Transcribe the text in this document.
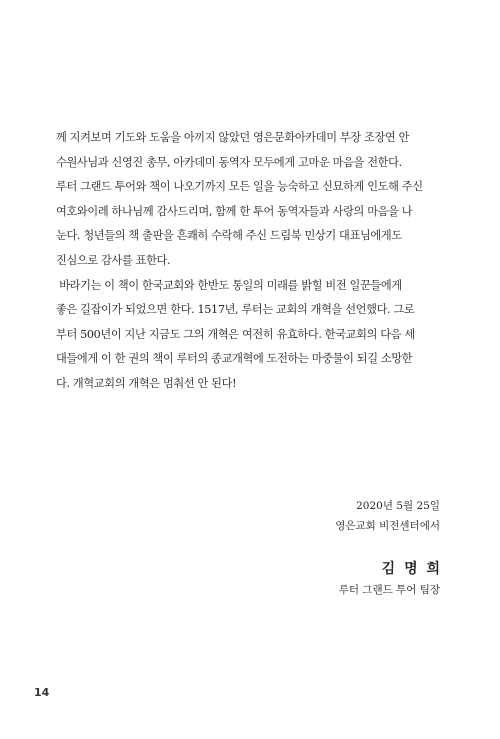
께 지켜보며 기도와 도움을 아끼지 않았던 영은문화아카데미 부장 조장연 안
수원사님과 신영진 총무, 아카데미 동역자 모두에게 고마운 마음을 전한다.
루터 그랜드 투어와 책이 나오기까지 모든 일을 능숙하고 신묘하게 인도해 주신
여호와이레 하나님께 감사드리며, 함께 한 투어 동역자들과 사랑의 마음을 나
눈다. 청년들의 책 출판을 흔쾌히 수락해 주신 드림북 민상기 대표님에게도
진심으로 감사를 표한다.
바라기는 이 책이 한국교회와 한반도 통일의 미래를 밝힐 비전 일꾼들에게
좋은 길잡이가 되었으면 한다. 1517년, 루터는 교회의 개혁을 선언했다. 그로
부터 500년이 지난 지금도 그의 개혁은 여전히 유효하다. 한국교회의 다음 세
대들에게 이 한 권의 책이 루터의 종교개혁에 도전하는 마중물이 되길 소망한
다. 개혁교회의 개혁은 멈춰선 안 된다!
2020년 5월 25일
영은교회 비전센터에서
김 명 희
루터 그랜드 투어 팀장
14
